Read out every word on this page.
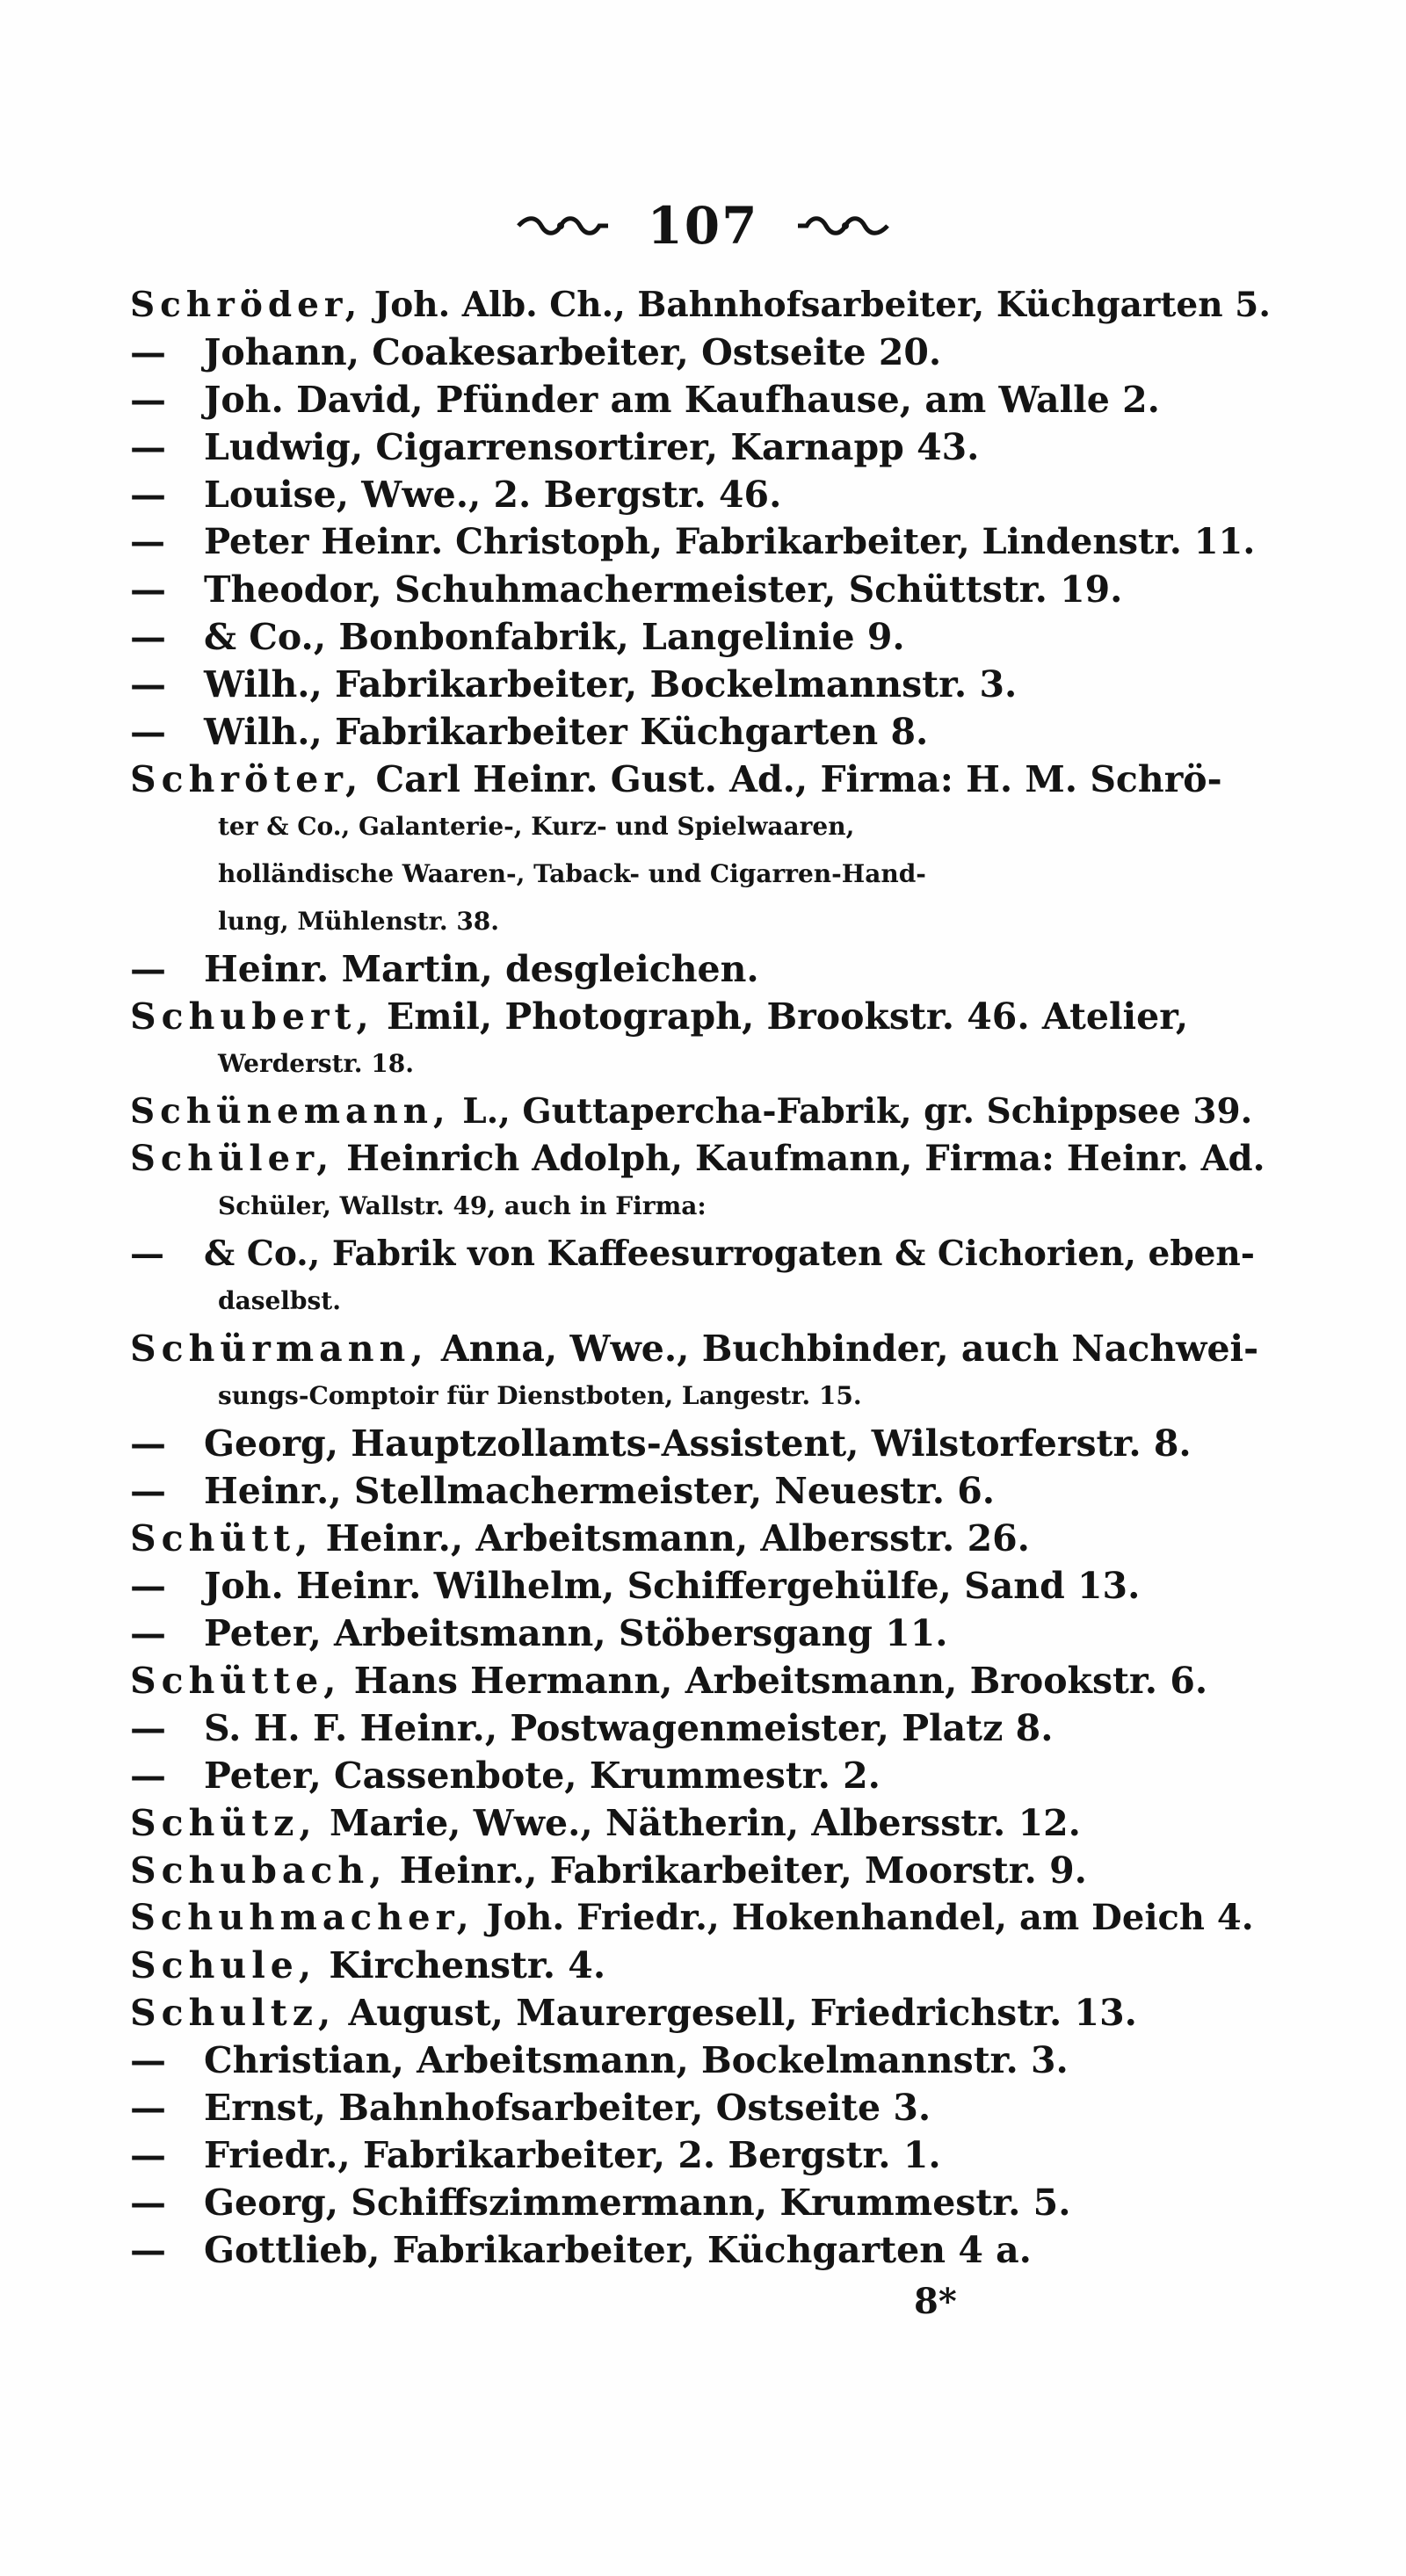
107
Schröder, Joh. Alb. Ch., Bahnhofsarbeiter, Küchgarten 5.
— Johann, Coakesarbeiter, Ostseite 20.
— Joh. David, Pfünder am Kaufhause, am Walle 2.
— Ludwig, Cigarrensortirer, Karnapp 43.
— Louise, Wwe., 2. Bergstr. 46.
— Peter Heinr. Christoph, Fabrikarbeiter, Lindenstr. 11.
— Theodor, Schuhmachermeister, Schüttstr. 19.
— & Co., Bonbonfabrik, Langelinie 9.
— Wilh., Fabrikarbeiter, Bockelmannstr. 3.
— Wilh., Fabrikarbeiter Küchgarten 8.
Schröter, Carl Heinr. Gust. Ad., Firma: H. M. Schrö-
ter & Co., Galanterie-, Kurz- und Spielwaaren,
holländische Waaren-, Taback- und Cigarren-Hand-
lung, Mühlenstr. 38.
— Heinr. Martin, desgleichen.
Schubert, Emil, Photograph, Brookstr. 46. Atelier,
Werderstr. 18.
Schünemann, L., Guttapercha-Fabrik, gr. Schippsee 39.
Schüler, Heinrich Adolph, Kaufmann, Firma: Heinr. Ad.
Schüler, Wallstr. 49, auch in Firma:
— & Co., Fabrik von Kaffeesurrogaten & Cichorien, eben-
daselbst.
Schürmann, Anna, Wwe., Buchbinder, auch Nachwei-
sungs-Comptoir für Dienstboten, Langestr. 15.
— Georg, Hauptzollamts-Assistent, Wilstorferstr. 8.
— Heinr., Stellmachermeister, Neuestr. 6.
Schütt, Heinr., Arbeitsmann, Albersstr. 26.
— Joh. Heinr. Wilhelm, Schiffergehülfe, Sand 13.
— Peter, Arbeitsmann, Stöbersgang 11.
Schütte, Hans Hermann, Arbeitsmann, Brookstr. 6.
— S. H. F. Heinr., Postwagenmeister, Platz 8.
— Peter, Cassenbote, Krummestr. 2.
Schütz, Marie, Wwe., Nätherin, Albersstr. 12.
Schubach, Heinr., Fabrikarbeiter, Moorstr. 9.
Schuhmacher, Joh. Friedr., Hokenhandel, am Deich 4.
Schule, Kirchenstr. 4.
Schultz, August, Maurergesell, Friedrichstr. 13.
— Christian, Arbeitsmann, Bockelmannstr. 3.
— Ernst, Bahnhofsarbeiter, Ostseite 3.
— Friedr., Fabrikarbeiter, 2. Bergstr. 1.
— Georg, Schiffszimmermann, Krummestr. 5.
— Gottlieb, Fabrikarbeiter, Küchgarten 4 a.
8*
